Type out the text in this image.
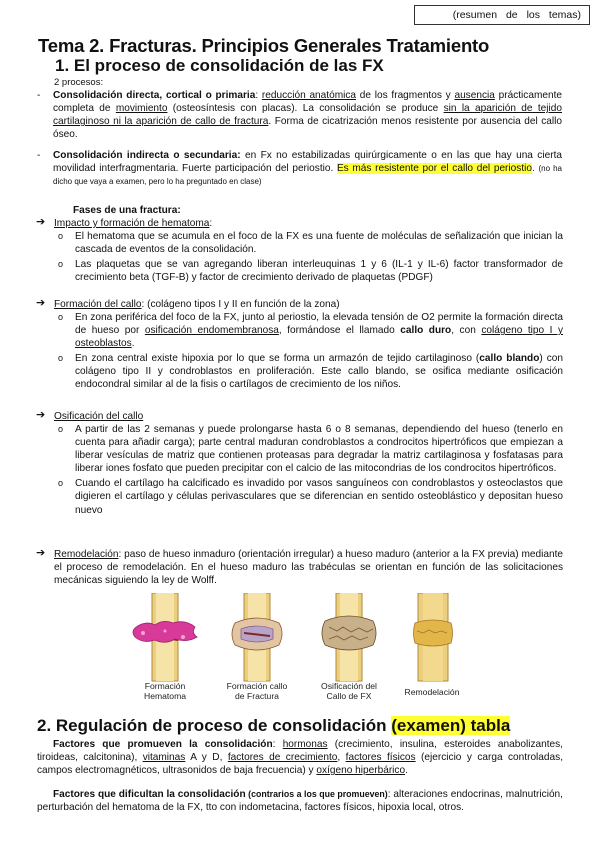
(resumen de los temas)
Tema 2. Fracturas. Principios Generales Tratamiento
1. El proceso de consolidación de las FX
2 procesos:
- Consolidación directa, cortical o primaria: reducción anatómica de los fragmentos y ausencia prácticamente completa de movimiento (osteosíntesis con placas). La consolidación se produce sin la aparición de tejido cartilaginoso ni la aparición de callo de fractura. Forma de cicatrización menos resistente por ausencia del callo óseo.
- Consolidación indirecta o secundaria: en Fx no estabilizadas quirúrgicamente o en las que hay una cierta movilidad interfragmentaria. Fuerte participación del periostio. Es más resistente por el callo del periostio. (no ha dicho que vaya a examen, pero lo ha preguntado en clase)
Fases de una fractura:
➔ Impacto y formación de hematoma:
o El hematoma que se acumula en el foco de la FX es una fuente de moléculas de señalización que inician la cascada de eventos de la consolidación.
o Las plaquetas que se van agregando liberan interleuquinas 1 y 6 (IL-1 y IL-6) factor transformador de crecimiento beta (TGF-B) y factor de crecimiento derivado de plaquetas (PDGF)
➔ Formación del callo: (colágeno tipos I y II en función de la zona)
o En zona periférica del foco de la FX, junto al periostio, la elevada tensión de O2 permite la formación directa de hueso por osificación endomembranosa, formándose el llamado callo duro, con colágeno tipo I y osteoblastos.
o En zona central existe hipoxia por lo que se forma un armazón de tejido cartilaginoso (callo blando) con colágeno tipo II y condroblastos en proliferación. Este callo blando, se osifica mediante osificación endocondral similar al de la fisis o cartílagos de crecimiento de los niños.
➔ Osificación del callo
o A partir de las 2 semanas y puede prolongarse hasta 6 o 8 semanas, dependiendo del hueso (tenerlo en cuenta para añadir carga); parte central maduran condroblastos a condrocitos hipertróficos que empiezan a liberar vesículas de matriz que contienen proteasas para degradar la matriz cartilaginosa y fosfatasas para liberar iones fosfato que pueden precipitar con el calcio de las mitocondrias de los condrocitos hipertróficos.
o Cuando el cartílago ha calcificado es invadido por vasos sanguíneos con condroblastos y osteoclastos que digieren el cartílago y células perivasculares que se diferencian en sentido osteoblástico y depositan hueso nuevo
➔ Remodelación: paso de hueso inmaduro (orientación irregular) a hueso maduro (anterior a la FX previa) mediante el proceso de remodelación. En el hueso maduro las trabéculas se orientan en función de las solicitaciones mecánicas siguiendo la ley de Wolff.
Formación
Hematoma
Formación callo
de Fractura
Osificación del
Callo de FX	Remodelación
2. Regulación de proceso de consolidación (examen) tabla
Factores que promueven la consolidación: hormonas (crecimiento, insulina, esteroides anabolizantes, tiroideas, calcitonina), vitaminas A y D, factores de crecimiento, factores físicos (ejercicio y carga controladas, campos electromagnéticos, ultrasonidos de baja frecuencia) y oxígeno hiperbárico.
Factores que dificultan la consolidación (contrarios a los que promueven): alteraciones endocrinas, malnutrición, perturbación del hematoma de la FX, tto con indometacina, factores físicos, hipoxia local, otros.
